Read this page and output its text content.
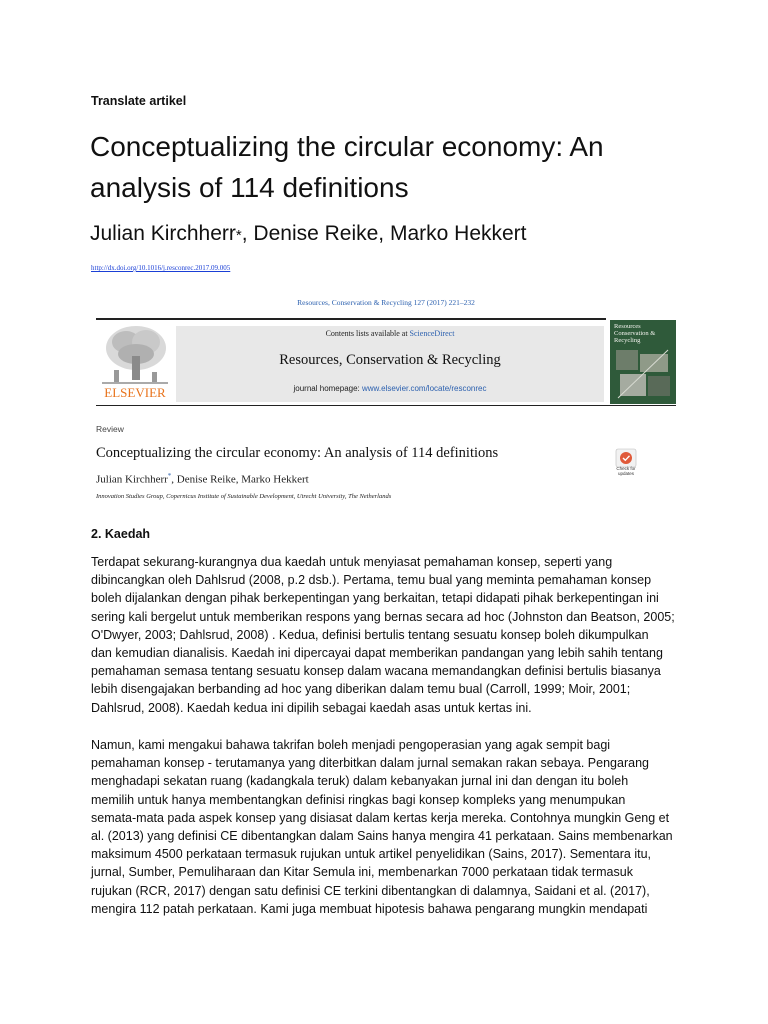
Translate artikel
Conceptualizing the circular economy: An analysis of 114 definitions
Julian Kirchherr*, Denise Reike, Marko Hekkert
http://dx.doi.org/10.1016/j.resconrec.2017.09.005
Resources, Conservation & Recycling 127 (2017) 221–232
ELSEVIER
Contents lists available at ScienceDirect
Resources, Conservation & Recycling
journal homepage: www.elsevier.com/locate/resconrec
Resources Conservation & Recycling
Review
Conceptualizing the circular economy: An analysis of 114 definitions
Julian Kirchherr*, Denise Reike, Marko Hekkert
Innovation Studies Group, Copernicus Institute of Sustainable Development, Utrecht University, The Netherlands
Check for updates
2. Kaedah
Terdapat sekurang-kurangnya dua kaedah untuk menyiasat pemahaman konsep, seperti yang
dibincangkan oleh Dahlsrud (2008, p.2 dsb.). Pertama, temu bual yang meminta pemahaman konsep
boleh dijalankan dengan pihak berkepentingan yang berkaitan, tetapi didapati pihak berkepentingan ini
sering kali bergelut untuk memberikan respons yang bernas secara ad hoc (Johnston dan Beatson, 2005;
O'Dwyer, 2003; Dahlsrud, 2008) . Kedua, definisi bertulis tentang sesuatu konsep boleh dikumpulkan
dan kemudian dianalisis. Kaedah ini dipercayai dapat memberikan pandangan yang lebih sahih tentang
pemahaman semasa tentang sesuatu konsep dalam wacana memandangkan definisi bertulis biasanya
lebih disengajakan berbanding ad hoc yang diberikan dalam temu bual (Carroll, 1999; Moir, 2001;
Dahlsrud, 2008). Kaedah kedua ini dipilih sebagai kaedah asas untuk kertas ini.
Namun, kami mengakui bahawa takrifan boleh menjadi pengoperasian yang agak sempit bagi
pemahaman konsep - terutamanya yang diterbitkan dalam jurnal semakan rakan sebaya. Pengarang
menghadapi sekatan ruang (kadangkala teruk) dalam kebanyakan jurnal ini dan dengan itu boleh
memilih untuk hanya membentangkan definisi ringkas bagi konsep kompleks yang menumpukan
semata-mata pada aspek konsep yang disiasat dalam kertas kerja mereka. Contohnya mungkin Geng et
al. (2013) yang definisi CE dibentangkan dalam Sains hanya mengira 41 perkataan. Sains membenarkan
maksimum 4500 perkataan termasuk rujukan untuk artikel penyelidikan (Sains, 2017). Sementara itu,
jurnal, Sumber, Pemuliharaan dan Kitar Semula ini, membenarkan 7000 perkataan tidak termasuk
rujukan (RCR, 2017) dengan satu definisi CE terkini dibentangkan di dalamnya, Saidani et al. (2017),
mengira 112 patah perkataan. Kami juga membuat hipotesis bahawa pengarang mungkin mendapati
